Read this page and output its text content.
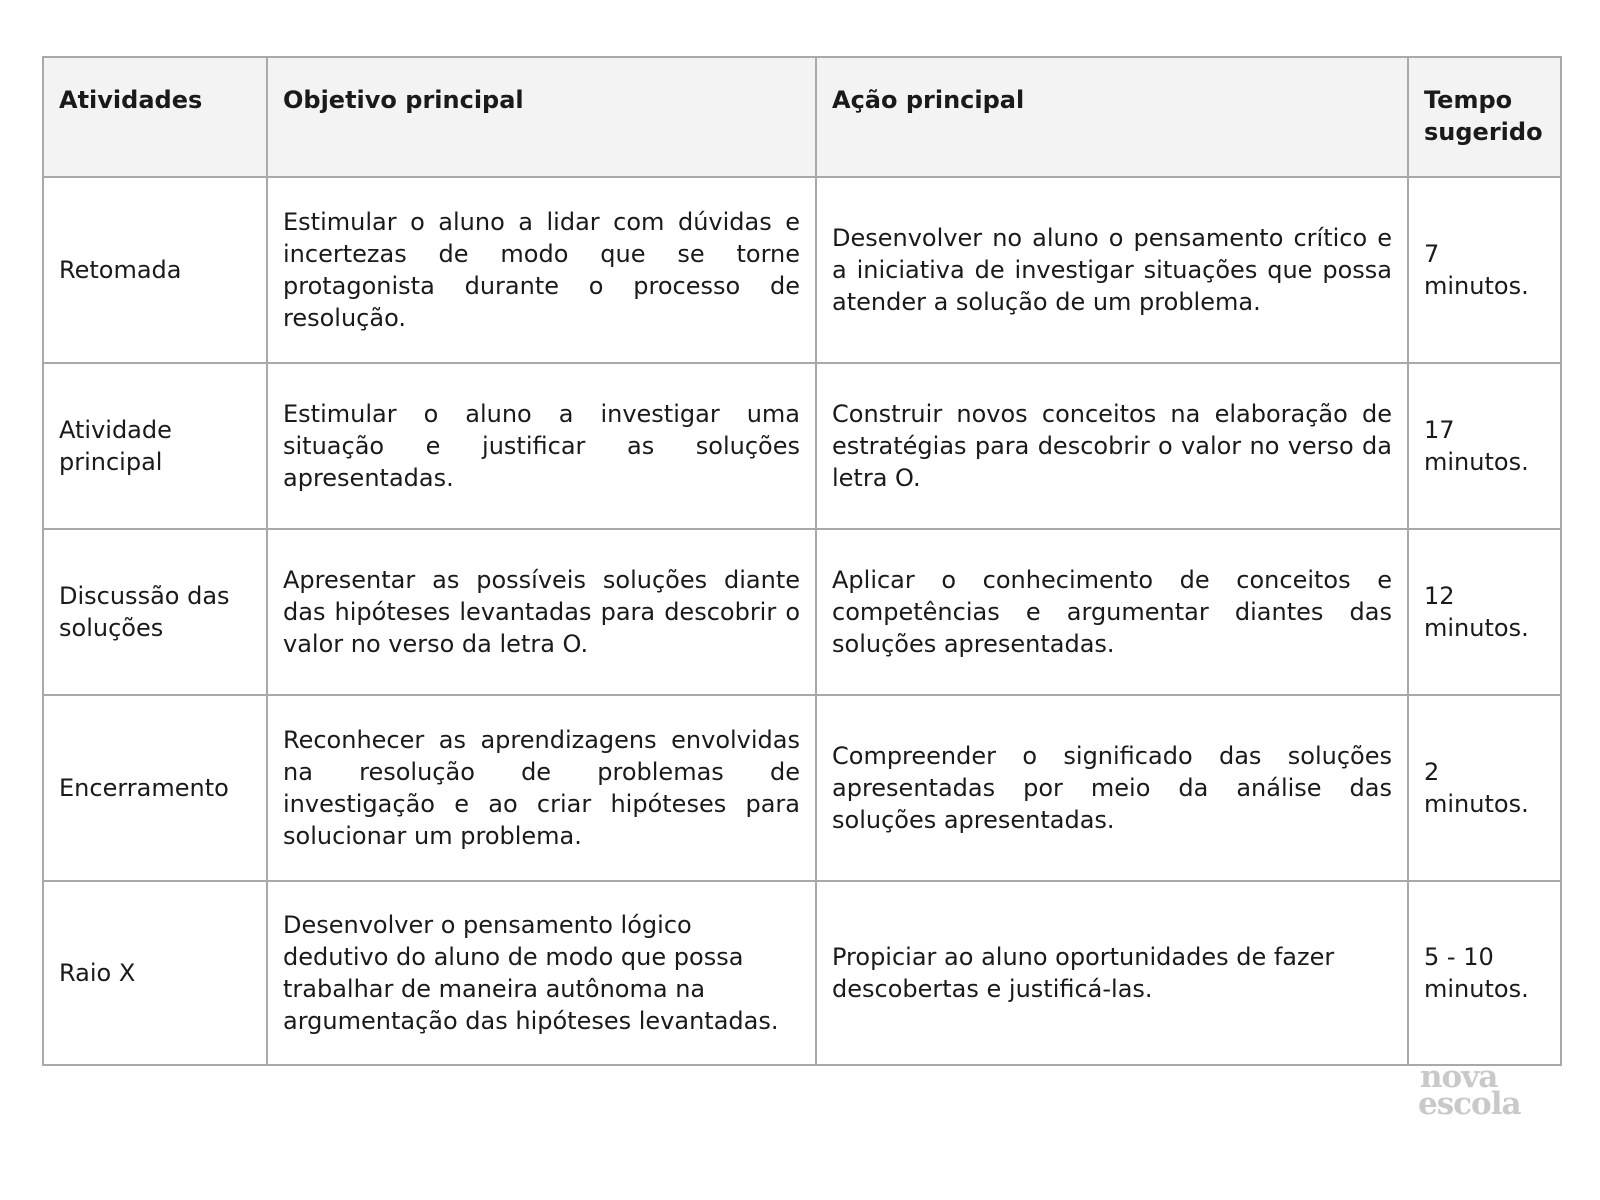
Atividades	Objetivo principal	Ação principal	Tempo sugerido
Retomada	Estimular o aluno a lidar com dúvidas e incertezas de modo que se torne protagonista durante o processo de resolução.	Desenvolver no aluno o pensamento crítico e a iniciativa de investigar situações que possa atender a solução de um problema.	7 minutos.
Atividade principal	Estimular o aluno a investigar uma situação e justificar as soluções apresentadas.	Construir novos conceitos na elaboração de estratégias para descobrir o valor no verso da letra O.	17 minutos.
Discussão das soluções	Apresentar as possíveis soluções diante das hipóteses levantadas para descobrir o valor no verso da letra O.	Aplicar o conhecimento de conceitos e competências e argumentar diantes das soluções apresentadas.	12 minutos.
Encerramento	Reconhecer as aprendizagens envolvidas na resolução de problemas de investigação e ao criar hipóteses para solucionar um problema.	Compreender o significado das soluções apresentadas por meio da análise das soluções apresentadas.	2 minutos.
Raio X	Desenvolver o pensamento lógico dedutivo do aluno de modo que possa trabalhar de maneira autônoma na argumentação das hipóteses levantadas.	Propiciar ao aluno oportunidades de fazer descobertas e justificá-las.	5 - 10 minutos.
nova
escola
